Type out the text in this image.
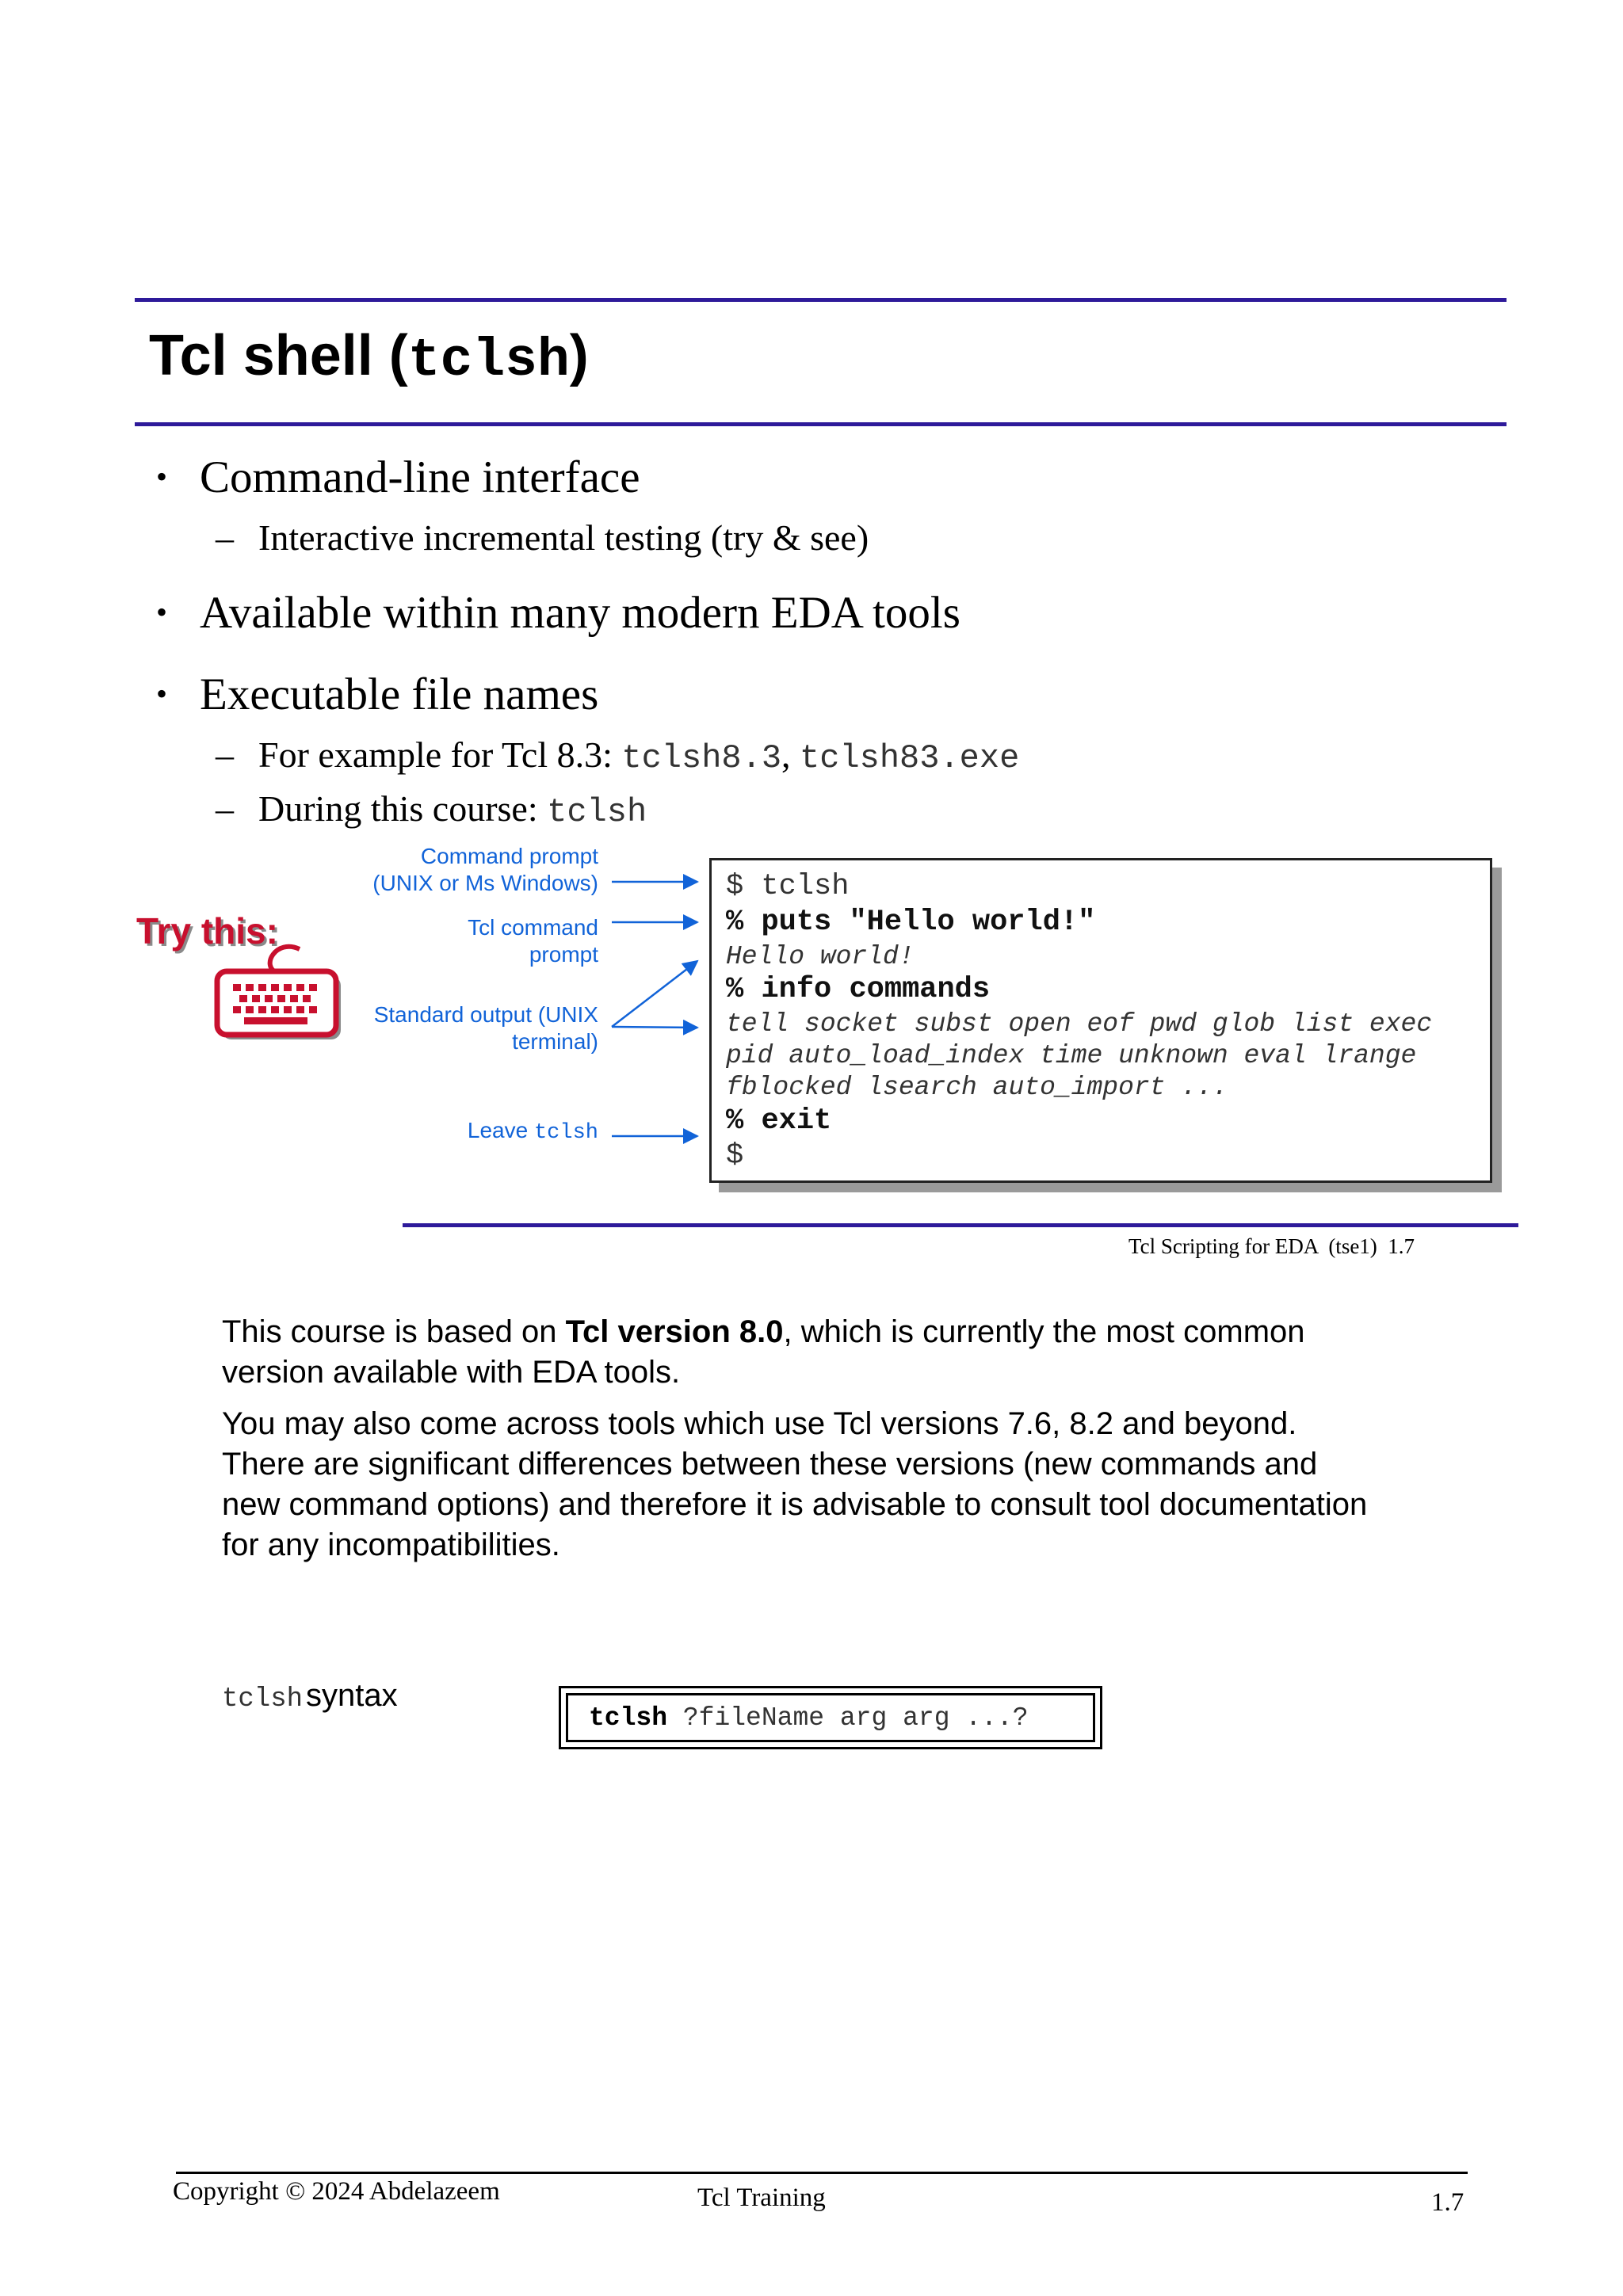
Tcl shell (tclsh)
• Command-line interface
– Interactive incremental testing (try & see)
• Available within many modern EDA tools
• Executable file names
– For example for Tcl 8.3: tclsh8.3, tclsh83.exe
– During this course: tclsh
Try this:
Command prompt
(UNIX or Ms Windows)
Tcl command
prompt
Standard output (UNIX
terminal)
Leave tclsh
$ tclsh
% puts "Hello world!"
Hello world!
% info commands
tell socket subst open eof pwd glob list exec
pid auto_load_index time unknown eval lrange
fblocked lsearch auto_import ...
% exit
$
Tcl Scripting for EDA  (tse1)  1.7
This course is based on Tcl version 8.0, which is currently the most common
version available with EDA tools.
You may also come across tools which use Tcl versions 7.6, 8.2 and beyond.
There are significant differences between these versions (new commands and
new command options) and therefore it is advisable to consult tool documentation
for any incompatibilities.
tclsh syntax
tclsh ?fileName arg arg ...?
Copyright © 2024 Abdelazeem	Tcl Training	1.7
